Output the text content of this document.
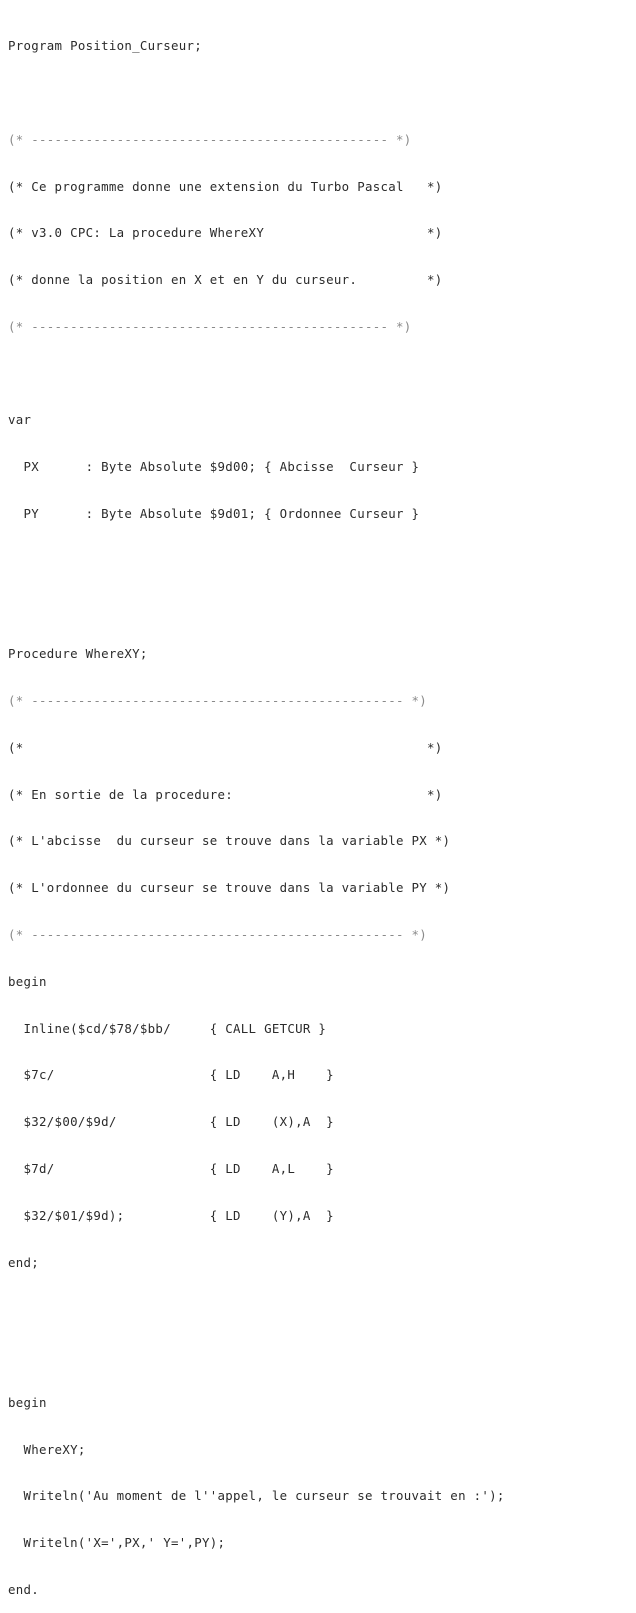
Program Position_Curseur;

(* ---------------------------------------------- *)

(* Ce programme donne une extension du Turbo Pascal   *)

(* v3.0 CPC: La procedure WhereXY                     *)

(* donne la position en X et en Y du curseur.         *)

(* ---------------------------------------------- *)

var

PX      : Byte Absolute $9d00; { Abcisse  Curseur }

PY      : Byte Absolute $9d01; { Ordonnee Curseur }

Procedure WhereXY;

(* ------------------------------------------------ *)

(*                                                    *)

(* En sortie de la procedure:                         *)

(* L'abcisse  du curseur se trouve dans la variable PX *)

(* L'ordonnee du curseur se trouve dans la variable PY *)

(* ------------------------------------------------ *)

begin

Inline($cd/$78/$bb/     { CALL GETCUR }

$7c/                    { LD    A,H    }

$32/$00/$9d/            { LD    (X),A  }

$7d/                    { LD    A,L    }

$32/$01/$9d);           { LD    (Y),A  }

end;

begin

WhereXY;

Writeln('Au moment de l''appel, le curseur se trouvait en :');

Writeln('X=',PX,' Y=',PY);

end.
